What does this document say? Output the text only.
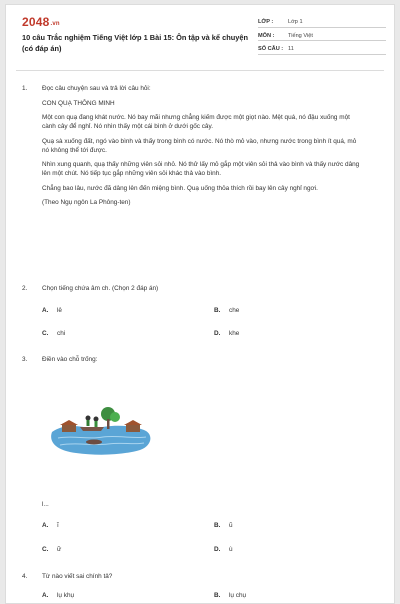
2048.vn
10 câu Trắc nghiệm Tiếng Việt lớp 1 Bài 15: Ôn tập và kể chuyện (có đáp án)
LỚP :	Lớp 1
MÔN :	Tiếng Việt
SỐ CÂU : 11
1. Đọc câu chuyện sau và trả lời câu hỏi:
CON QUẠ THÔNG MINH
Một con quạ đang khát nước. Nó bay mãi nhưng chẳng kiếm được một giọt nào. Mệt quá, nó đậu xuống một cành cây để nghỉ. Nó nhìn thấy một cái bình ở dưới gốc cây.
Quạ sà xuống đất, ngó vào bình và thấy trong bình có nước. Nó thò mỏ vào, nhưng nước trong bình ít quá, mỏ nó không thể tới được.
Nhìn xung quanh, quạ thấy những viên sỏi nhỏ. Nó thử lấy mỏ gắp một viên sỏi thả vào bình và thấy nước dâng lên một chút. Nó tiếp tục gắp những viên sỏi khác thả vào bình.
Chẳng bao lâu, nước đã dâng lên đến miệng bình. Quạ uống thỏa thích rồi bay lên cây nghỉ ngơi.
(Theo Ngụ ngôn La Phông-ten)
2. Chọn tiếng chứa âm ch. (Chọn 2 đáp án)
A. lê	B. che
C. chi	D. khe
3. Điền vào chỗ trống:
l...
A. ĩ	B. ũ
C. ữ	D. ù
4. Từ nào viết sai chính tả?
A. lụ khụ	B. lụ chụ
